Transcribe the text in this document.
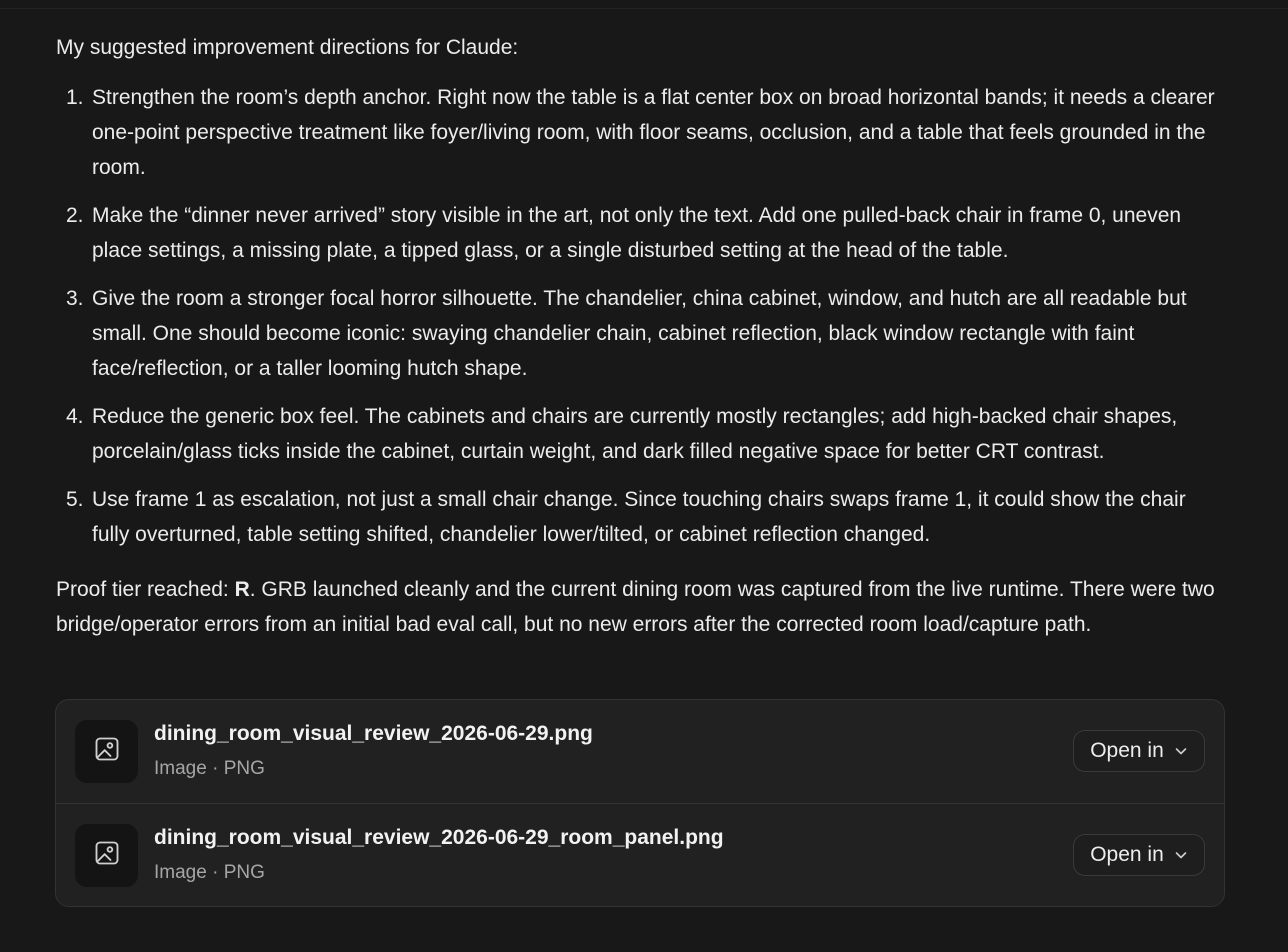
My suggested improvement directions for Claude:

1. Strengthen the room’s depth anchor. Right now the table is a flat center box on broad horizontal bands; it needs a clearer one-point perspective treatment like foyer/living room, with floor seams, occlusion, and a table that feels grounded in the room.
2. Make the “dinner never arrived” story visible in the art, not only the text. Add one pulled-back chair in frame 0, uneven place settings, a missing plate, a tipped glass, or a single disturbed setting at the head of the table.
3. Give the room a stronger focal horror silhouette. The chandelier, china cabinet, window, and hutch are all readable but small. One should become iconic: swaying chandelier chain, cabinet reflection, black window rectangle with faint face/reflection, or a taller looming hutch shape.
4. Reduce the generic box feel. The cabinets and chairs are currently mostly rectangles; add high-backed chair shapes, porcelain/glass ticks inside the cabinet, curtain weight, and dark filled negative space for better CRT contrast.
5. Use frame 1 as escalation, not just a small chair change. Since touching chairs swaps frame 1, it could show the chair fully overturned, table setting shifted, chandelier lower/tilted, or cabinet reflection changed.

Proof tier reached: R. GRB launched cleanly and the current dining room was captured from the live runtime. There were two bridge/operator errors from an initial bad eval call, but no new errors after the corrected room load/capture path.

dining_room_visual_review_2026-06-29.png
Image · PNG
Open in
dining_room_visual_review_2026-06-29_room_panel.png
Image · PNG
Open in
